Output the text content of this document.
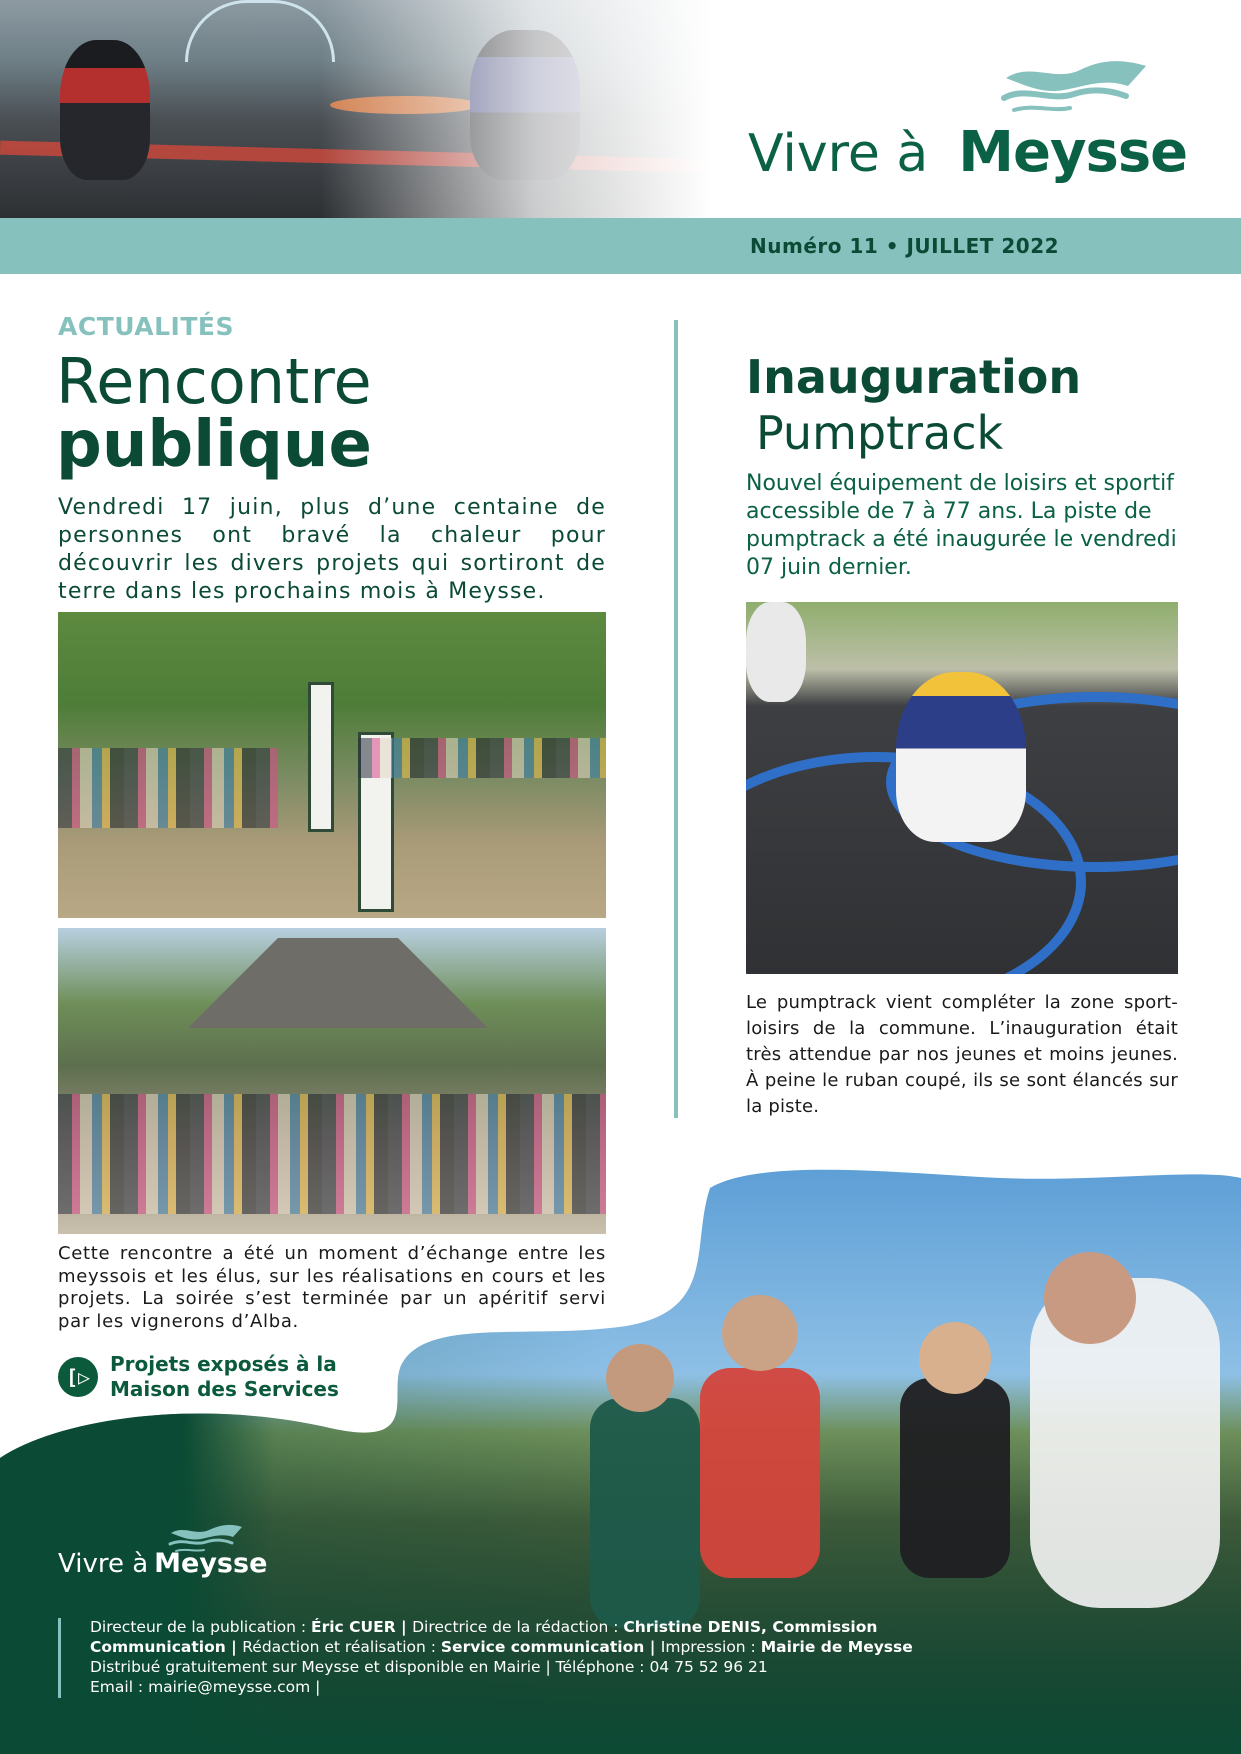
Vivre à Meysse
Numéro 11 • JUILLET 2022
ACTUALITÉS
Rencontre
publique

Vendredi 17 juin, plus d’une centaine de personnes ont bravé la chaleur pour découvrir les divers projets qui sortiront de terre dans les prochains mois à Meysse.

Inauguration
Pumptrack

Nouvel équipement de loisirs et sportif accessible de 7 à 77 ans. La piste de pumptrack a été inaugurée le vendredi 07 juin dernier.

Le pumptrack vient compléter la zone sport-loisirs de la commune. L’inauguration était très attendue par nos jeunes et moins jeunes. À peine le ruban coupé, ils se sont élancés sur la piste.

Vivre à Meysse
Directeur de la publication : Éric CUER | Directrice de la rédaction : Christine DENIS, Commission Communication | Rédaction et réalisation : Service communication | Impression : Mairie de Meysse
Distribué gratuitement sur Meysse et disponible en Mairie | Téléphone : 04 75 52 96 21
Email : mairie@meysse.com |
